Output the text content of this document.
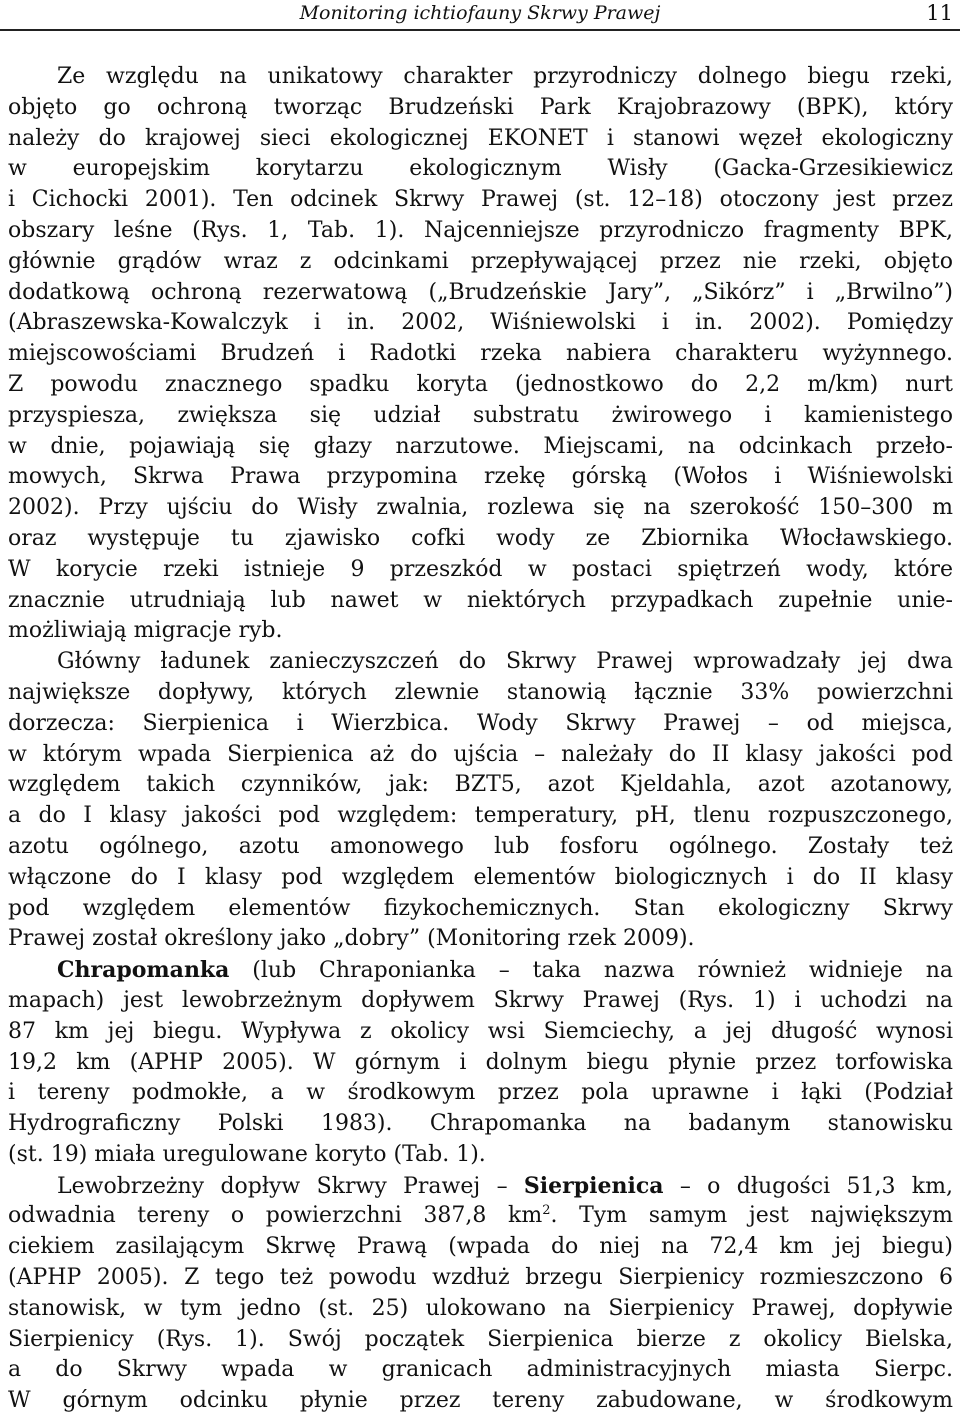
Monitoring ichtiofauny Skrwy Prawej	11
Ze względu na unikatowy charakter przyrodniczy dolnego biegu rzeki,
objęto go ochroną tworząc Brudzeński Park Krajobrazowy (BPK), który
należy do krajowej sieci ekologicznej EKONET i stanowi węzeł ekologiczny
w europejskim korytarzu ekologicznym Wisły (Gacka-Grzesikiewicz
i Cichocki 2001). Ten odcinek Skrwy Prawej (st. 12–18) otoczony jest przez
obszary leśne (Rys. 1, Tab. 1). Najcenniejsze przyrodniczo fragmenty BPK,
głównie grądów wraz z odcinkami przepływającej przez nie rzeki, objęto
dodatkową ochroną rezerwatową („Brudzeńskie Jary”, „Sikórz” i „Brwilno”)
(Abraszewska-Kowalczyk i in. 2002, Wiśniewolski i in. 2002). Pomiędzy
miejscowościami Brudzeń i Radotki rzeka nabiera charakteru wyżynnego.
Z powodu znacznego spadku koryta (jednostkowo do 2,2 m/km) nurt
przyspiesza, zwiększa się udział substratu żwirowego i kamienistego
w dnie, pojawiają się głazy narzutowe. Miejscami, na odcinkach przeło-
mowych, Skrwa Prawa przypomina rzekę górską (Wołos i Wiśniewolski
2002). Przy ujściu do Wisły zwalnia, rozlewa się na szerokość 150–300 m
oraz występuje tu zjawisko cofki wody ze Zbiornika Włocławskiego.
W korycie rzeki istnieje 9 przeszkód w postaci spiętrzeń wody, które
znacznie utrudniają lub nawet w niektórych przypadkach zupełnie unie-
możliwiają migracje ryb.
Główny ładunek zanieczyszczeń do Skrwy Prawej wprowadzały jej dwa
największe dopływy, których zlewnie stanowią łącznie 33% powierzchni
dorzecza: Sierpienica i Wierzbica. Wody Skrwy Prawej – od miejsca,
w którym wpada Sierpienica aż do ujścia – należały do II klasy jakości pod
względem takich czynników, jak: BZT5, azot Kjeldahla, azot azotanowy,
a do I klasy jakości pod względem: temperatury, pH, tlenu rozpuszczonego,
azotu ogólnego, azotu amonowego lub fosforu ogólnego. Zostały też
włączone do I klasy pod względem elementów biologicznych i do II klasy
pod względem elementów fizykochemicznych. Stan ekologiczny Skrwy
Prawej został określony jako „dobry” (Monitoring rzek 2009).
Chrapomanka (lub Chraponianka – taka nazwa również widnieje na
mapach) jest lewobrzeżnym dopływem Skrwy Prawej (Rys. 1) i uchodzi na
87 km jej biegu. Wypływa z okolicy wsi Siemciechy, a jej długość wynosi
19,2 km (APHP 2005). W górnym i dolnym biegu płynie przez torfowiska
i tereny podmokłe, a w środkowym przez pola uprawne i łąki (Podział
Hydrograficzny Polski 1983). Chrapomanka na badanym stanowisku
(st. 19) miała uregulowane koryto (Tab. 1).
Lewobrzeżny dopływ Skrwy Prawej – Sierpienica – o długości 51,3 km,
odwadnia tereny o powierzchni 387,8 $km^2$. Tym samym jest największym
ciekiem zasilającym Skrwę Prawą (wpada do niej na 72,4 km jej biegu)
(APHP 2005). Z tego też powodu wzdłuż brzegu Sierpienicy rozmieszczono 6
stanowisk, w tym jedno (st. 25) ulokowano na Sierpienicy Prawej, dopływie
Sierpienicy (Rys. 1). Swój początek Sierpienica bierze z okolicy Bielska,
a do Skrwy wpada w granicach administracyjnych miasta Sierpc.
W górnym odcinku płynie przez tereny zabudowane, w środkowym
